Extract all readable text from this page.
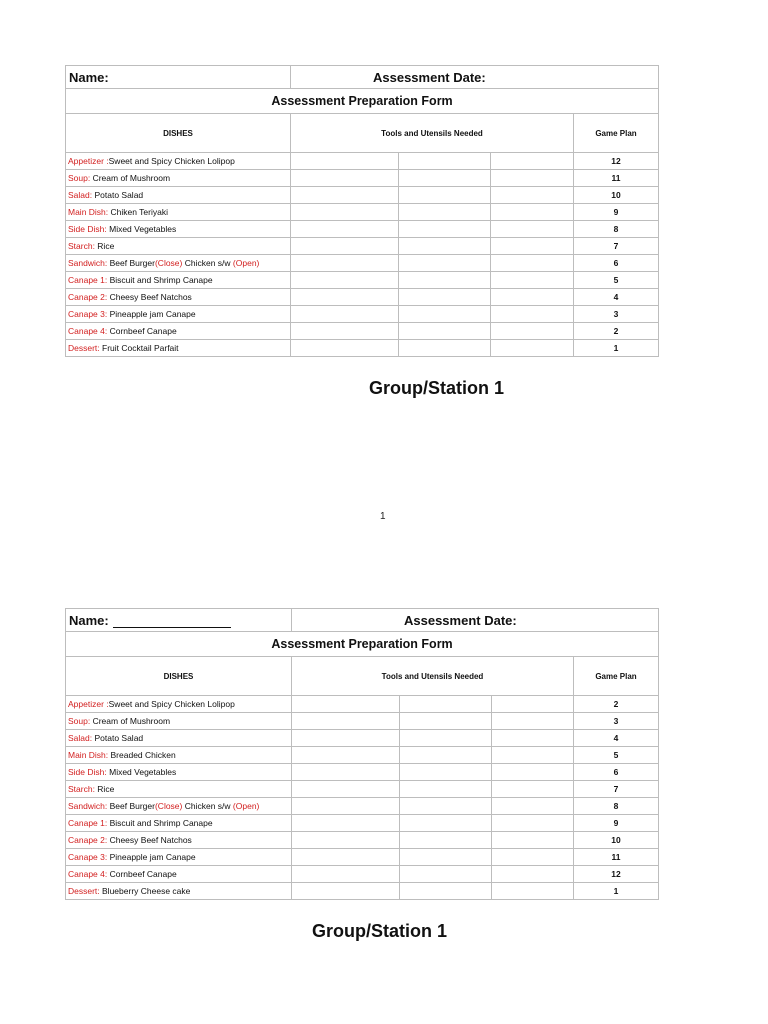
Name:	Assessment Date:			
Assessment Preparation Form				
DISHES	Tools and Utensils Needed			Game Plan
Appetizer :Sweet and Spicy Chicken Lolipop				12
Soup: Cream of Mushroom				11
Salad: Potato Salad				10
Main Dish: Chiken Teriyaki				9
Side Dish: Mixed Vegetables				8
Starch: Rice				7
Sandwich: Beef Burger(Close) Chicken s/w (Open)				6
Canape 1: Biscuit and Shrimp Canape				5
Canape 2: Cheesy Beef Natchos				4
Canape 3: Pineapple jam Canape				3
Canape 4: Cornbeef Canape				2
Dessert: Fruit Cocktail Parfait				1
Group/Station 1
1
Name:	Assessment Date:			
Assessment Preparation Form				
DISHES	Tools and Utensils Needed			Game Plan
Appetizer :Sweet and Spicy Chicken Lolipop				2
Soup: Cream of Mushroom				3
Salad: Potato Salad				4
Main Dish: Breaded Chicken				5
Side Dish: Mixed Vegetables				6
Starch: Rice				7
Sandwich: Beef Burger(Close) Chicken s/w (Open)				8
Canape 1: Biscuit and Shrimp Canape				9
Canape 2: Cheesy Beef Natchos				10
Canape 3: Pineapple jam Canape				11
Canape 4: Cornbeef Canape				12
Dessert: Blueberry Cheese cake				1
Group/Station 1
